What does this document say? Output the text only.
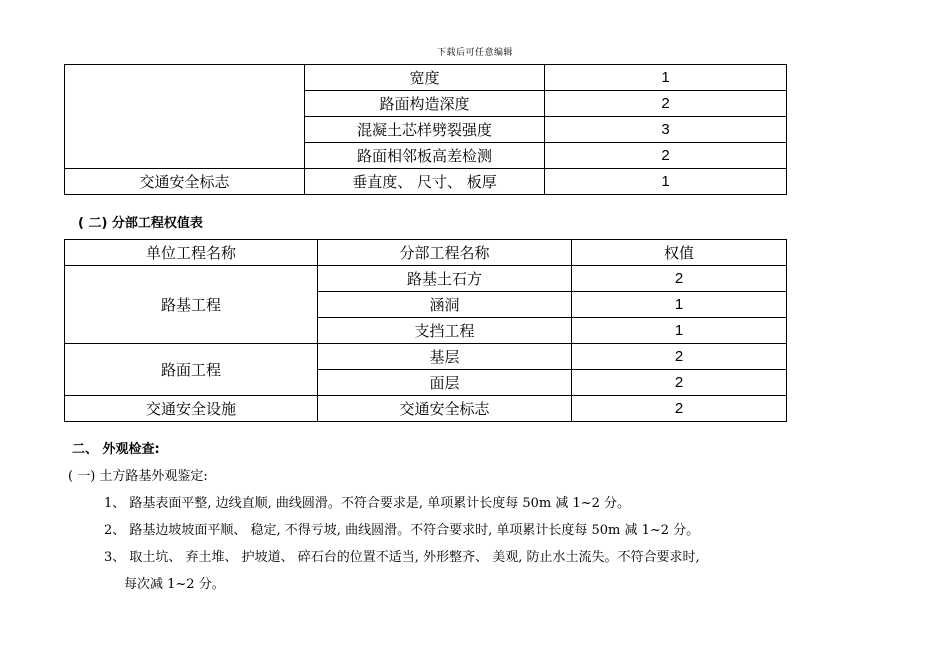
下载后可任意编辑
	宽度	1
	路面构造深度	2
	混凝土芯样劈裂强度	3
	路面相邻板高差检测	2
交通安全标志	垂直度、 尺寸、 板厚	1
( 二) 分部工程权值表
单位工程名称	分部工程名称	权值
路基工程	路基土石方	2
	涵洞	1
	支挡工程	1
路面工程	基层	2
	面层	2
交通安全设施	交通安全标志	2
二、 外观检查:
( 一) 土方路基外观鉴定:
1、 路基表面平整, 边线直顺, 曲线圆滑。不符合要求是, 单项累计长度每 50m 减 1~2 分。
2、 路基边坡坡面平顺、 稳定, 不得亏坡, 曲线圆滑。不符合要求时, 单项累计长度每 50m 减 1~2 分。
3、 取土坑、 弃土堆、 护坡道、 碎石台的位置不适当, 外形整齐、 美观, 防止水土流失。不符合要求时,
每次减 1~2 分。
